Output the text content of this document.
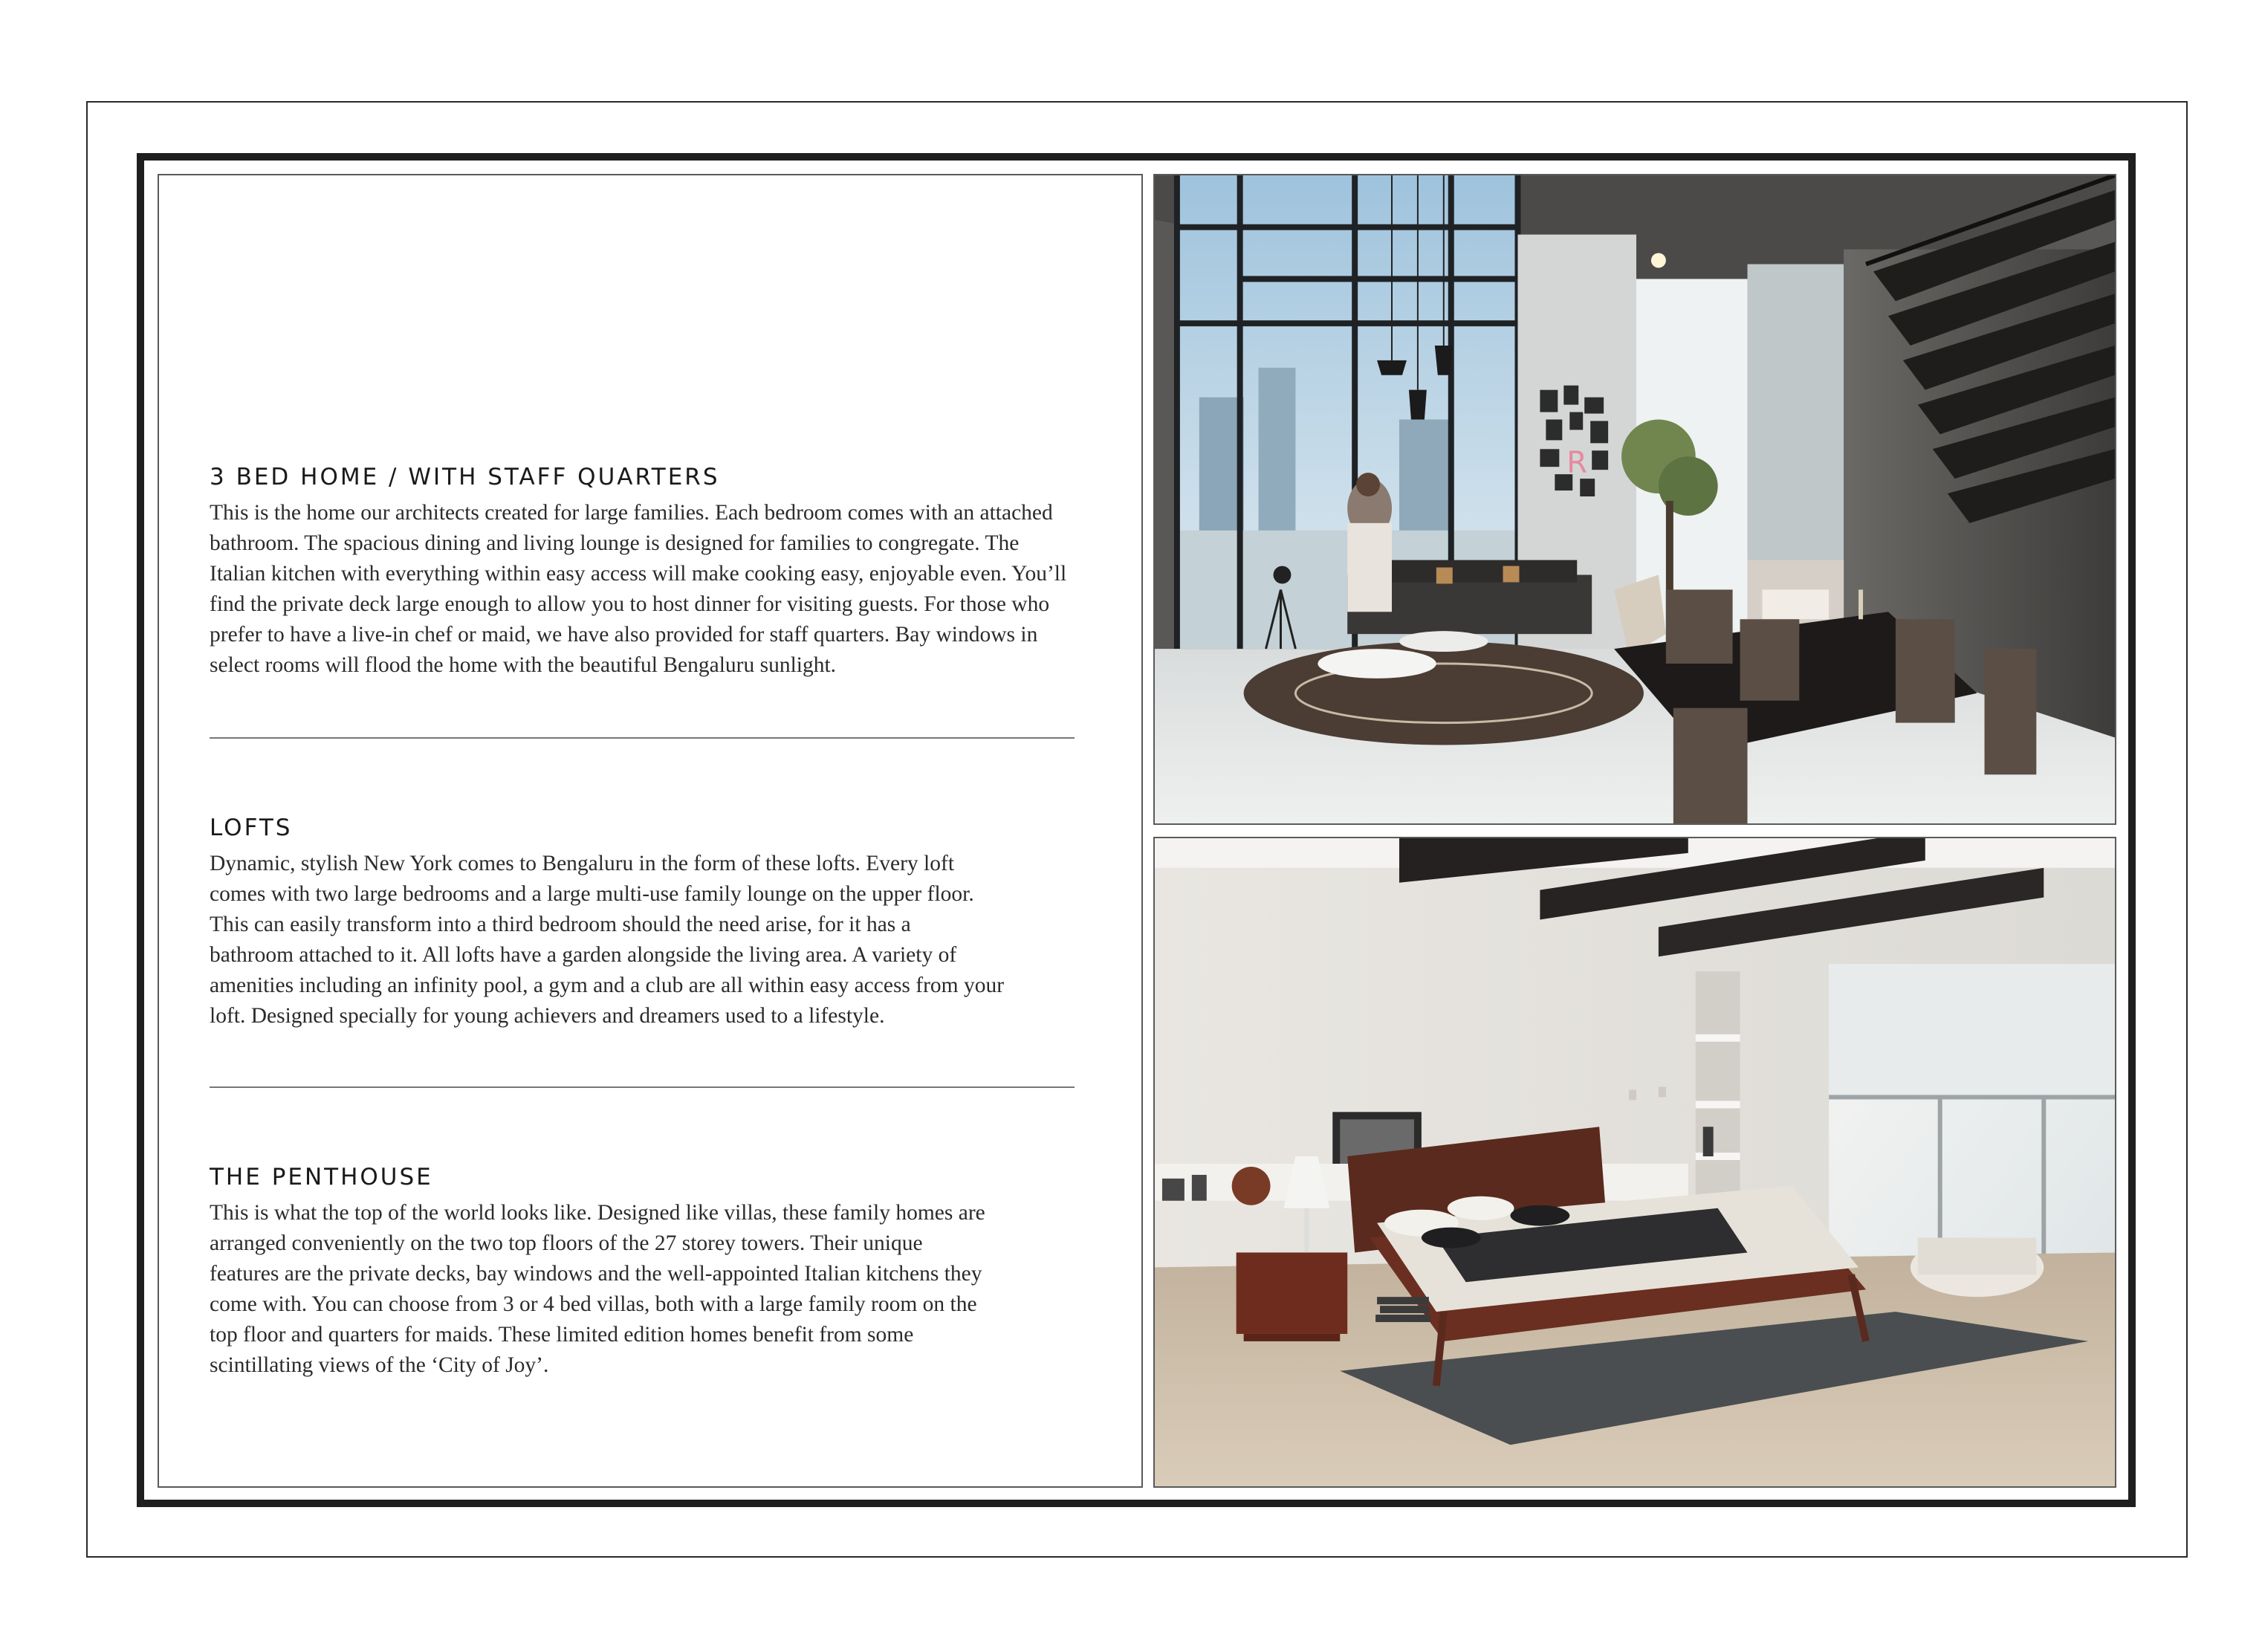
3 BED HOME / WITH STAFF QUARTERS

This is the home our architects created for large families. Each bedroom comes with an attached
bathroom. The spacious dining and living lounge is designed for families to congregate. The
Italian kitchen with everything within easy access will make cooking easy, enjoyable even. You’ll
find the private deck large enough to allow you to host dinner for visiting guests. For those who
prefer to have a live-in chef or maid, we have also provided for staff quarters. Bay windows in
select rooms will flood the home with the beautiful Bengaluru sunlight.

LOFTS

Dynamic, stylish New York comes to Bengaluru in the form of these lofts. Every loft
comes with two large bedrooms and a large multi-use family lounge on the upper floor.
This can easily transform into a third bedroom should the need arise, for it has a
bathroom attached to it. All lofts have a garden alongside the living area. A variety of
amenities including an infinity pool, a gym and a club are all within easy access from your
loft. Designed specially for young achievers and dreamers used to a lifestyle.

THE PENTHOUSE

This is what the top of the world looks like. Designed like villas, these family homes are
arranged conveniently on the two top floors of the 27 storey towers. Their unique
features are the private decks, bay windows and the well-appointed Italian kitchens they
come with. You can choose from 3 or 4 bed villas, both with a large family room on the
top floor and quarters for maids. These limited edition homes benefit from some
scintillating views of the ‘City of Joy’.

R
